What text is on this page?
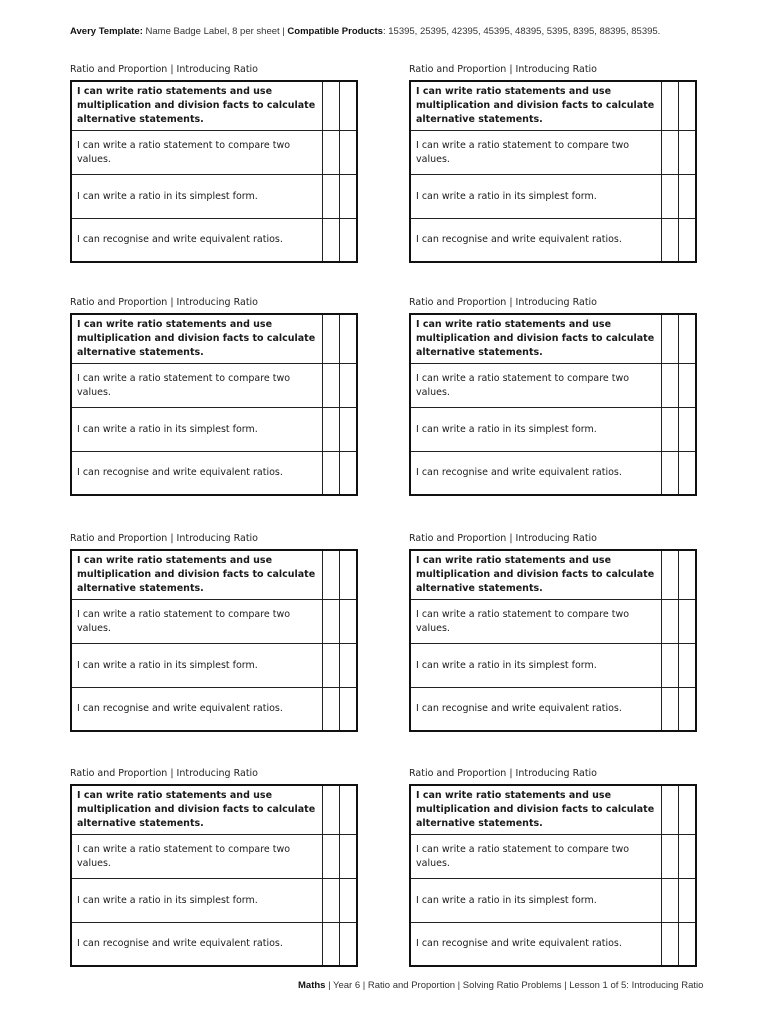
Avery Template: Name Badge Label, 8 per sheet | Compatible Products: 15395, 25395, 42395, 45395, 48395, 5395, 8395, 88395, 85395.
Ratio and Proportion | Introducing Ratio
I can write ratio statements and use multiplication and division facts to calculate alternative statements.		
I can write a ratio statement to compare two values.		
I can write a ratio in its simplest form.		
I can recognise and write equivalent ratios.		
Ratio and Proportion | Introducing Ratio
I can write ratio statements and use multiplication and division facts to calculate alternative statements.		
I can write a ratio statement to compare two values.		
I can write a ratio in its simplest form.		
I can recognise and write equivalent ratios.		
Ratio and Proportion | Introducing Ratio
I can write ratio statements and use multiplication and division facts to calculate alternative statements.		
I can write a ratio statement to compare two values.		
I can write a ratio in its simplest form.		
I can recognise and write equivalent ratios.		
Ratio and Proportion | Introducing Ratio
I can write ratio statements and use multiplication and division facts to calculate alternative statements.		
I can write a ratio statement to compare two values.		
I can write a ratio in its simplest form.		
I can recognise and write equivalent ratios.		
Ratio and Proportion | Introducing Ratio
I can write ratio statements and use multiplication and division facts to calculate alternative statements.		
I can write a ratio statement to compare two values.		
I can write a ratio in its simplest form.		
I can recognise and write equivalent ratios.		
Ratio and Proportion | Introducing Ratio
I can write ratio statements and use multiplication and division facts to calculate alternative statements.		
I can write a ratio statement to compare two values.		
I can write a ratio in its simplest form.		
I can recognise and write equivalent ratios.		
Ratio and Proportion | Introducing Ratio
I can write ratio statements and use multiplication and division facts to calculate alternative statements.		
I can write a ratio statement to compare two values.		
I can write a ratio in its simplest form.		
I can recognise and write equivalent ratios.		
Ratio and Proportion | Introducing Ratio
I can write ratio statements and use multiplication and division facts to calculate alternative statements.		
I can write a ratio statement to compare two values.		
I can write a ratio in its simplest form.		
I can recognise and write equivalent ratios.		
Maths | Year 6 | Ratio and Proportion | Solving Ratio Problems | Lesson 1 of 5: Introducing Ratio
